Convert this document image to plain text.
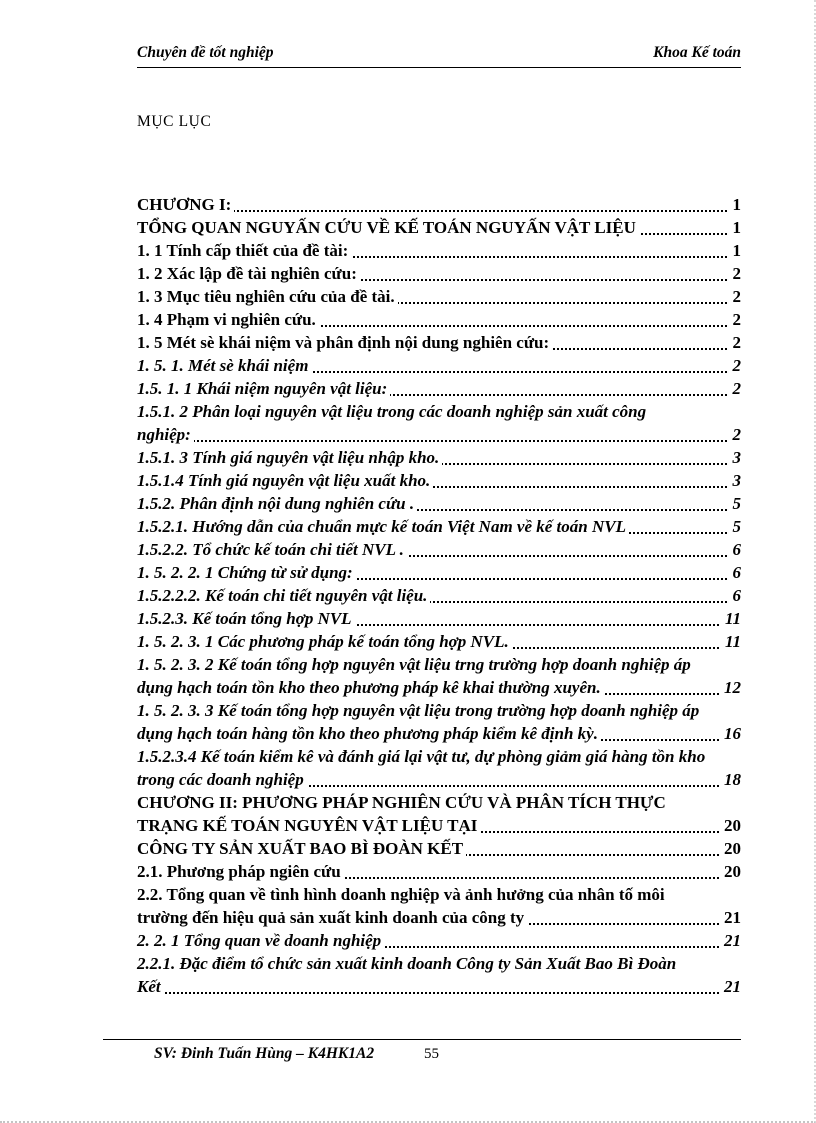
Chuyên đề tốt nghiệp	Khoa Kế toán
MỤC LỤC
CHƯƠNG I:	1
TỔNG QUAN NGUYẤN CỨU VỀ KẾ TOÁN NGUYẤN VẬT LIỆU	1
1. 1 Tính cấp thiết của đề tài:	1
1. 2 Xác lập đề tài nghiên cứu:	2
1. 3 Mục tiêu nghiên cứu của đề tài.	2
1. 4 Phạm vi nghiên cứu.	2
1. 5 Mét sè khái niệm và phân định nội dung nghiên cứu:	2
1. 5. 1. Mét sè khái niệm	2
1.5. 1. 1 Khái niệm nguyên vật liệu:	2
1.5.1. 2 Phân loại nguyên vật liệu trong các doanh nghiệp sản xuất công nghiệp:	2
1.5.1. 3 Tính giá nguyên vật liệu nhập kho.	3
1.5.1.4 Tính giá nguyên vật liệu xuất kho.	3
1.5.2. Phân định nội dung nghiên cứu .	5
1.5.2.1. Hướng dẫn của chuẩn mực kế toán Việt Nam về kế toán NVL	5
1.5.2.2. Tổ chức kế toán chi tiết NVL .	6
1. 5. 2. 2. 1 Chứng từ sử dụng:	6
1.5.2.2.2. Kế toán chi tiết nguyên vật liệu.	6
1.5.2.3. Kế toán tổng hợp NVL	11
1. 5. 2. 3. 1 Các phương pháp kế toán tổng hợp NVL.	11
1. 5. 2. 3. 2 Kế toán tổng hợp nguyên vật liệu trng trường hợp doanh nghiệp áp dụng hạch toán tồn kho theo phương pháp kê khai thường xuyên.	12
1. 5. 2. 3. 3 Kế toán tổng hợp nguyên vật liệu trong trường hợp doanh nghiệp áp dụng hạch toán hàng tồn kho theo phương pháp kiểm kê định kỳ.	16
1.5.2.3.4 Kế toán kiểm kê và đánh giá lại vật tư, dự phòng giảm giá hàng tồn kho trong các doanh nghiệp	18
CHƯƠNG II: PHƯƠNG PHÁP NGHIÊN CỨU VÀ PHÂN TÍCH THỰC TRẠNG KẾ TOÁN NGUYÊN VẬT LIỆU TẠI	20
CÔNG TY SẢN XUẤT BAO BÌ ĐOÀN KẾT	20
2.1. Phương pháp ngiên cứu	20
2.2. Tổng quan về tình hình doanh nghiệp và ảnh hưởng của nhân tố môi trường đến hiệu quả sản xuất kinh doanh của công ty	21
2. 2. 1 Tổng quan về doanh nghiệp	21
2.2.1. Đặc điểm tổ chức sản xuất kinh doanh Công ty Sản Xuất Bao Bì Đoàn Kết	21
SV: Đinh Tuấn Hùng – K4HK1A2	55
